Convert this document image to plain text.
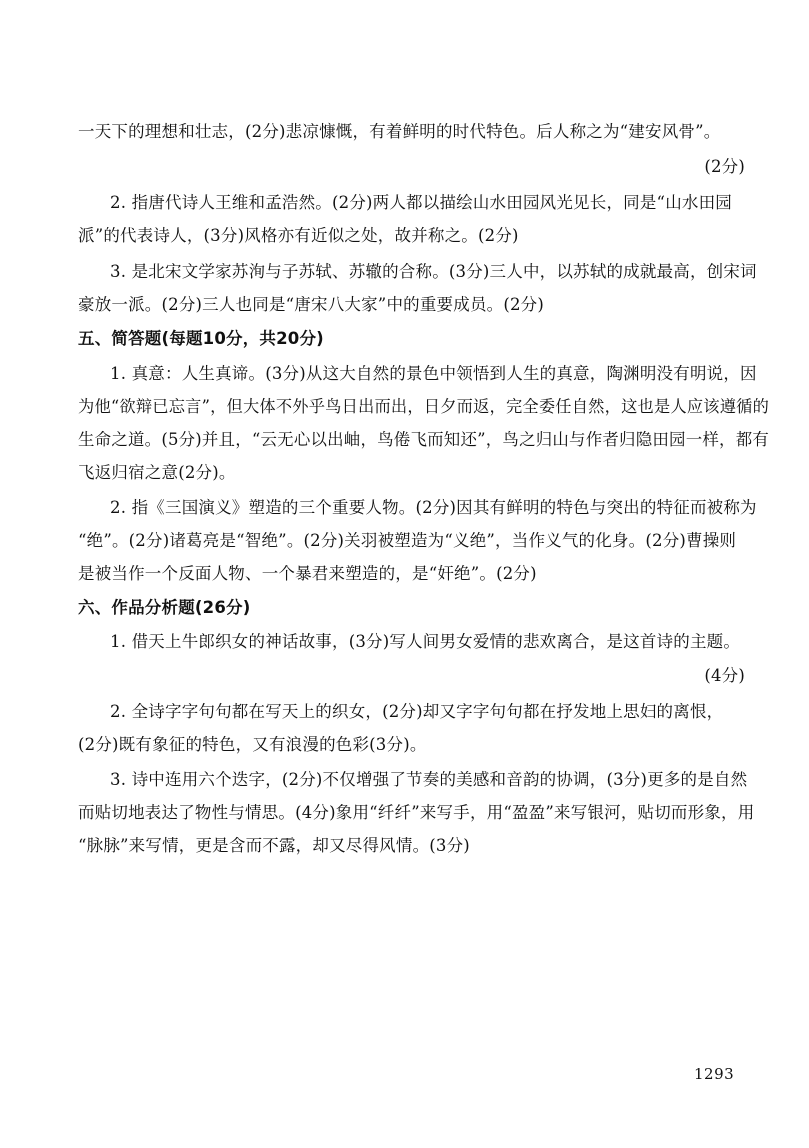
一天下的理想和壮志，(2分)悲凉慷慨，有着鲜明的时代特色。后人称之为“建安风骨”。
(2分)
2. 指唐代诗人王维和孟浩然。(2分)两人都以描绘山水田园风光见长，同是“山水田园
派”的代表诗人，(3分)风格亦有近似之处，故并称之。(2分)
3. 是北宋文学家苏洵与子苏轼、苏辙的合称。(3分)三人中，以苏轼的成就最高，创宋词
豪放一派。(2分)三人也同是“唐宋八大家”中的重要成员。(2分)
五、简答题(每题10分，共20分)
1. 真意：人生真谛。(3分)从这大自然的景色中领悟到人生的真意，陶渊明没有明说，因
为他“欲辩已忘言”，但大体不外乎鸟日出而出，日夕而返，完全委任自然，这也是人应该遵循的
生命之道。(5分)并且，“云无心以出岫，鸟倦飞而知还”，鸟之归山与作者归隐田园一样，都有
飞返归宿之意(2分)。
2. 指《三国演义》塑造的三个重要人物。(2分)因其有鲜明的特色与突出的特征而被称为
“绝”。(2分)诸葛亮是“智绝”。(2分)关羽被塑造为“义绝”，当作义气的化身。(2分)曹操则
是被当作一个反面人物、一个暴君来塑造的，是“奸绝”。(2分)
六、作品分析题(26分)
1. 借天上牛郎织女的神话故事，(3分)写人间男女爱情的悲欢离合，是这首诗的主题。
(4分)
2. 全诗字字句句都在写天上的织女，(2分)却又字字句句都在抒发地上思妇的离恨，
(2分)既有象征的特色，又有浪漫的色彩(3分)。
3. 诗中连用六个迭字，(2分)不仅增强了节奏的美感和音韵的协调，(3分)更多的是自然
而贴切地表达了物性与情思。(4分)象用“纤纤”来写手，用“盈盈”来写银河，贴切而形象，用
“脉脉”来写情，更是含而不露，却又尽得风情。(3分)
1293
